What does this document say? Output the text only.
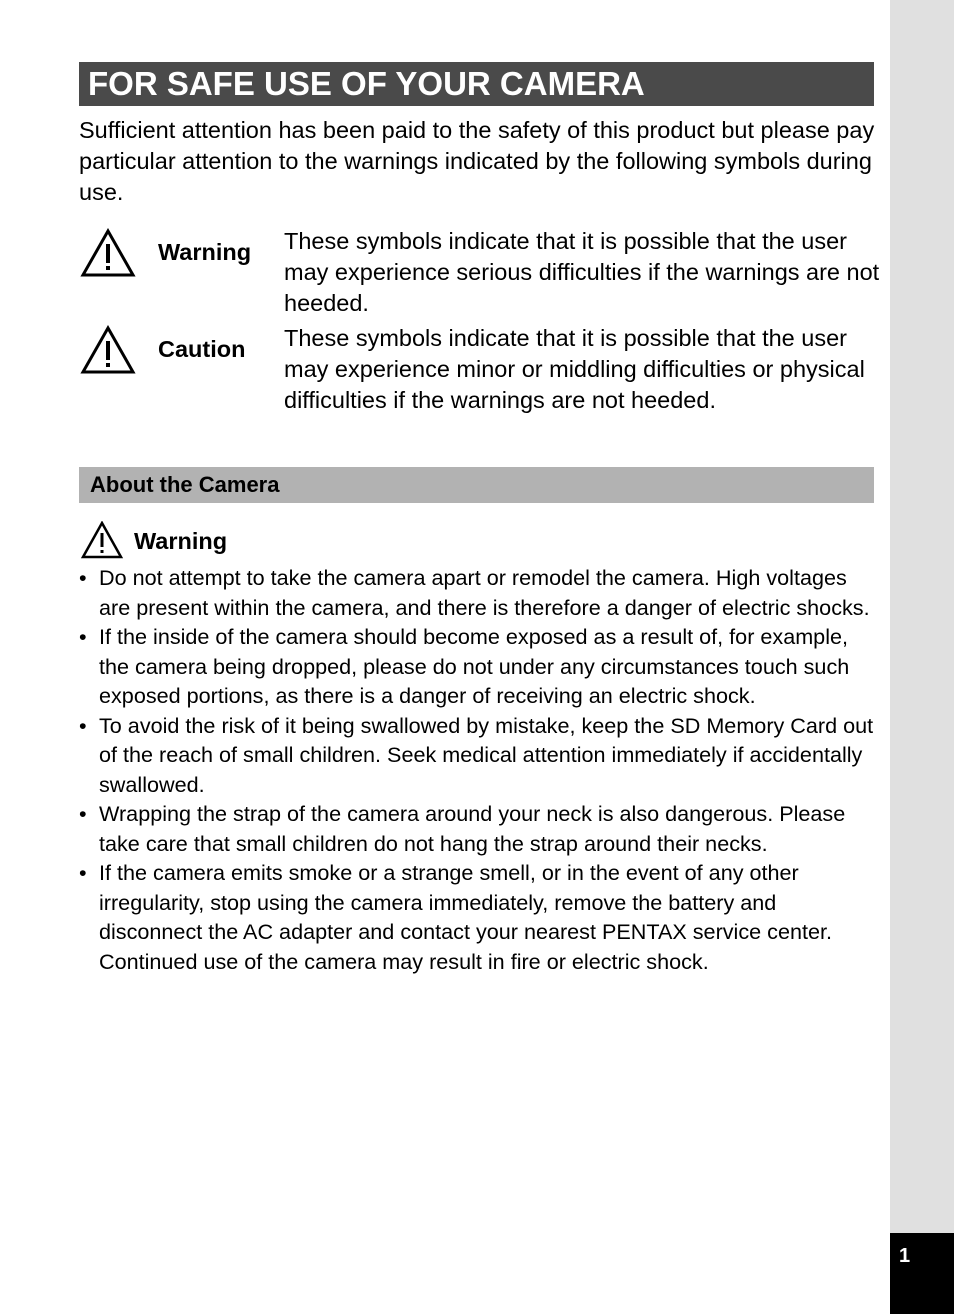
1
FOR SAFE USE OF YOUR CAMERA

Sufficient attention has been paid to the safety of this product but please pay particular attention to the warnings indicated by the following symbols during use.

Warning These symbols indicate that it is possible that the user may experience serious difficulties if the warnings are not heeded.

Caution These symbols indicate that it is possible that the user may experience minor or middling difficulties or physical difficulties if the warnings are not heeded.

About the Camera
Warning
• Do not attempt to take the camera apart or remodel the camera. High voltages are present within the camera, and there is therefore a danger of electric shocks.
• If the inside of the camera should become exposed as a result of, for example, the camera being dropped, please do not under any circumstances touch such exposed portions, as there is a danger of receiving an electric shock.
• To avoid the risk of it being swallowed by mistake, keep the SD Memory Card out of the reach of small children. Seek medical attention immediately if accidentally swallowed.
• Wrapping the strap of the camera around your neck is also dangerous. Please take care that small children do not hang the strap around their necks.
• If the camera emits smoke or a strange smell, or in the event of any other irregularity, stop using the camera immediately, remove the battery and disconnect the AC adapter and contact your nearest PENTAX service center. Continued use of the camera may result in fire or electric shock.
